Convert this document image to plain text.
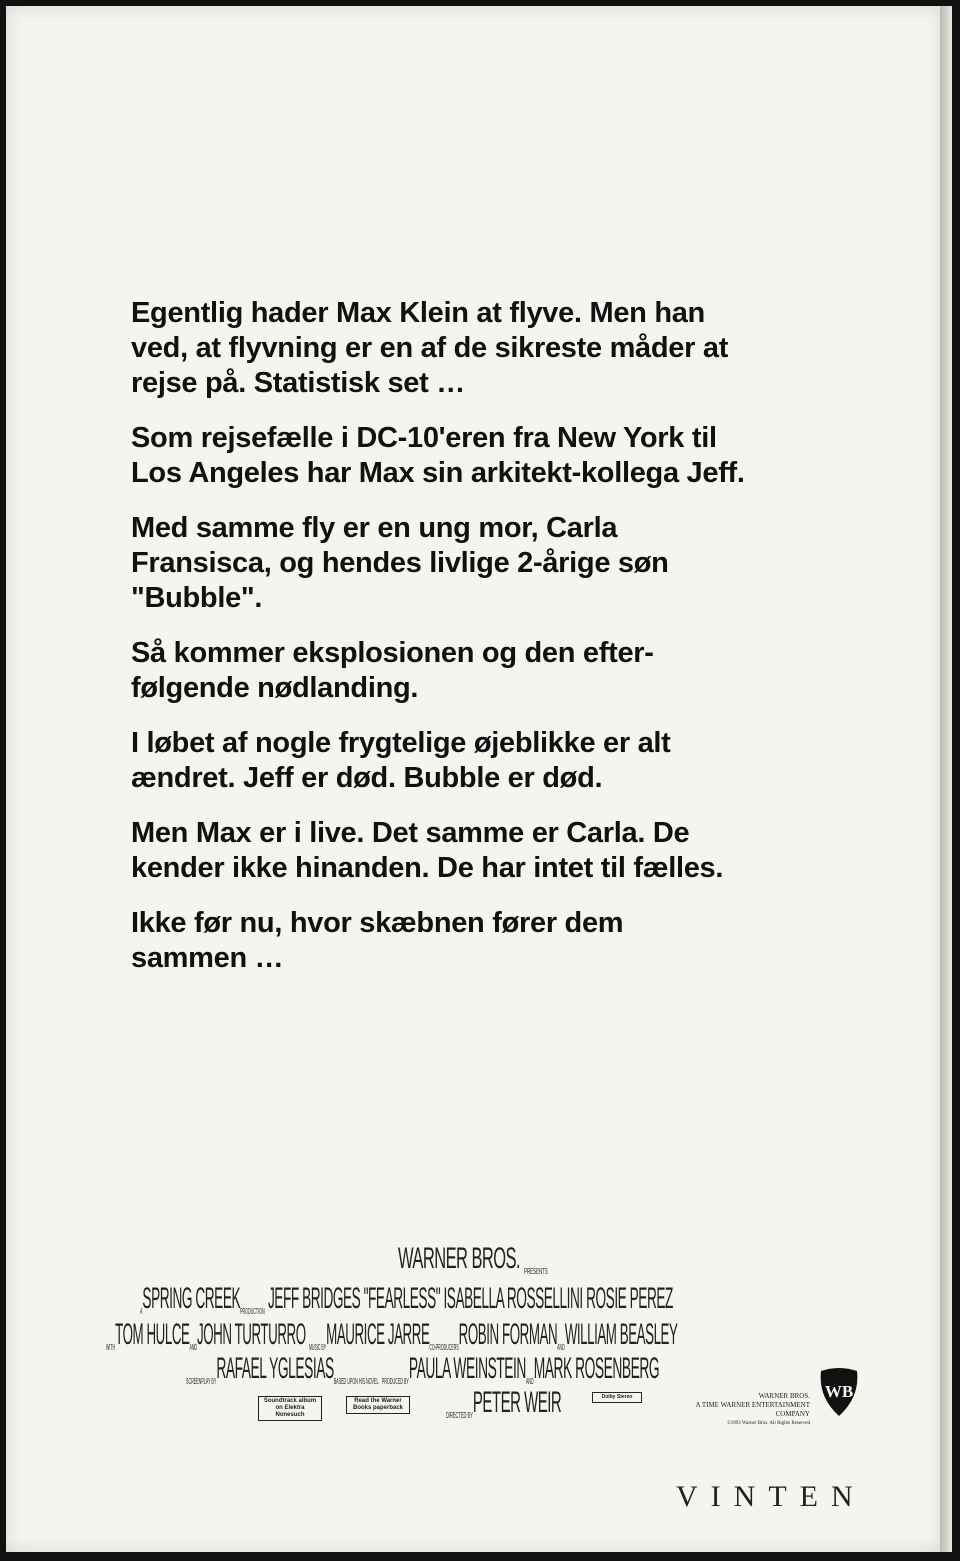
Egentlig hader Max Klein at flyve. Men han
ved, at flyvning er en af de sikreste måder at
rejse på. Statistisk set …

Som rejsefælle i DC-10'eren fra New York til
Los Angeles har Max sin arkitekt-kollega Jeff.

Med samme fly er en ung mor, Carla
Fransisca, og hendes livlige 2-årige søn
"Bubble".

Så kommer eksplosionen og den efter-
følgende nødlanding.

I løbet af nogle frygtelige øjeblikke er alt
ændret. Jeff er død. Bubble er død.

Men Max er i live. Det samme er Carla. De
kender ikke hinanden. De har intet til fælles.

Ikke før nu, hvor skæbnen fører dem
sammen …

WARNER BROS. PRESENTS
ASPRING CREEKPRODUCTION JEFF BRIDGES "FEARLESS" ISABELLA ROSSELLINI ROSIE PEREZ
WITHTOM HULCEANDJOHN TURTURRO MUSIC BYMAURICE JARRECO-PRODUCERSROBIN FORMANANDWILLIAM BEASLEY
SCREENPLAY BYRAFAEL YGLESIASBASED UPON HIS NOVEL PRODUCED BYPAULA WEINSTEINANDMARK ROSENBERG
DIRECTED BYPETER WEIR
Soundtrack album on Elektra Nonesuch
Read the Warner Books paperback
Dolby Stereo	WARNER BROS.
A TIME WARNER ENTERTAINMENT COMPANY
©1993 Warner Bros. All Rights Reserved
WB
VINTEN
